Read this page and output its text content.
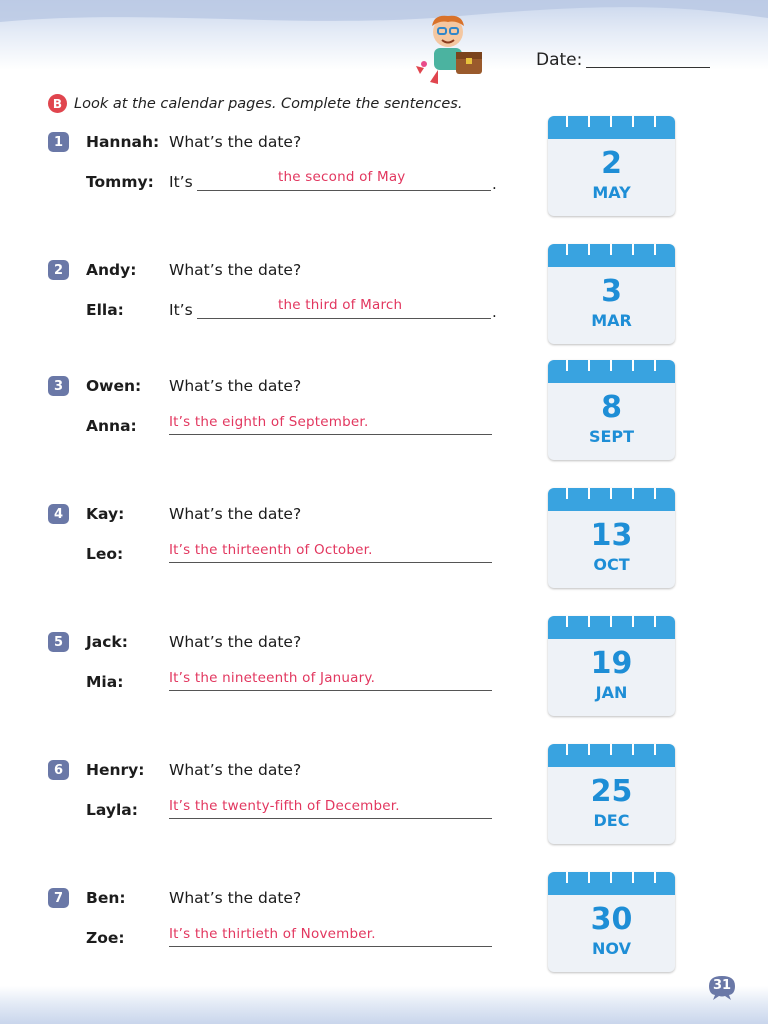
Date:
B Look at the calendar pages. Complete the sentences.
1	Hannah: What’s the date?
Tommy: It’s	.
the second of May	2
MAY
2	Andy: What’s the date?
Ella:	It’s	.
the third of March	3
MAR
3	Owen: What’s the date?
Anna: It’s the eighth of September.	8
SEPT
4	Kay:	What’s the date?
Leo:	It’s the thirteenth of October.	13
OCT
5	Jack:	What’s the date?
Mia:	It’s the nineteenth of January.	19
JAN
6	Henry: What’s the date?
Layla: It’s the twenty-fifth of December.	25
DEC
7	Ben:	What’s the date?
Zoe:	It’s the thirtieth of November.	30
NOV
31
